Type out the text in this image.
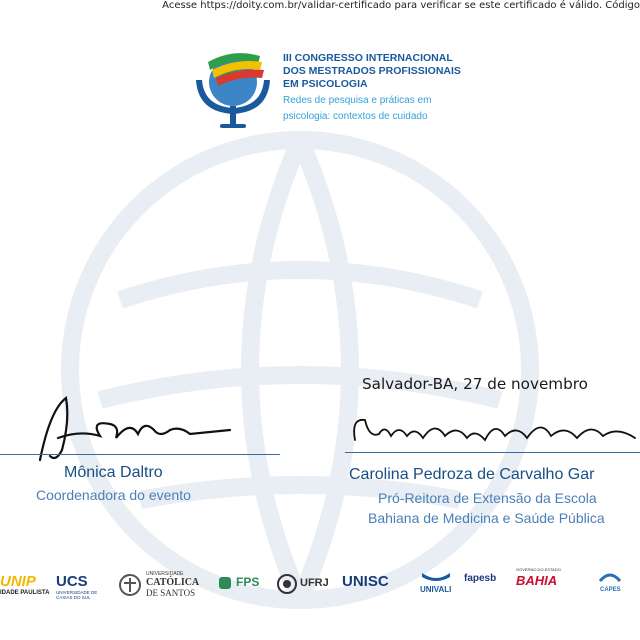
Acesse https://doity.com.br/validar-certificado para verificar se este certificado é válido. Código
III CONGRESSO INTERNACIONAL
DOS MESTRADOS PROFISSIONAIS
EM PSICOLOGIA
Redes de pesquisa e práticas em
psicologia: contextos de cuidado
Salvador-BA, 27 de novembro
Mônica Daltro
Coordenadora do evento
Carolina Pedroza de Carvalho Gar
Pró-Reitora de Extensão da Escola
Bahiana de Medicina e Saúde Pública
UNIP
IDADE PAULISTA
UCS
UNIVERSIDADE DE CAXIAS DO SUL
UNIVERSIDADE
CATÓLICA
DE SANTOS
FPS	UFRJ UNISC	UNIVALI
fapesb
GOVERNO DO ESTADO
BAHIA
CAPES
